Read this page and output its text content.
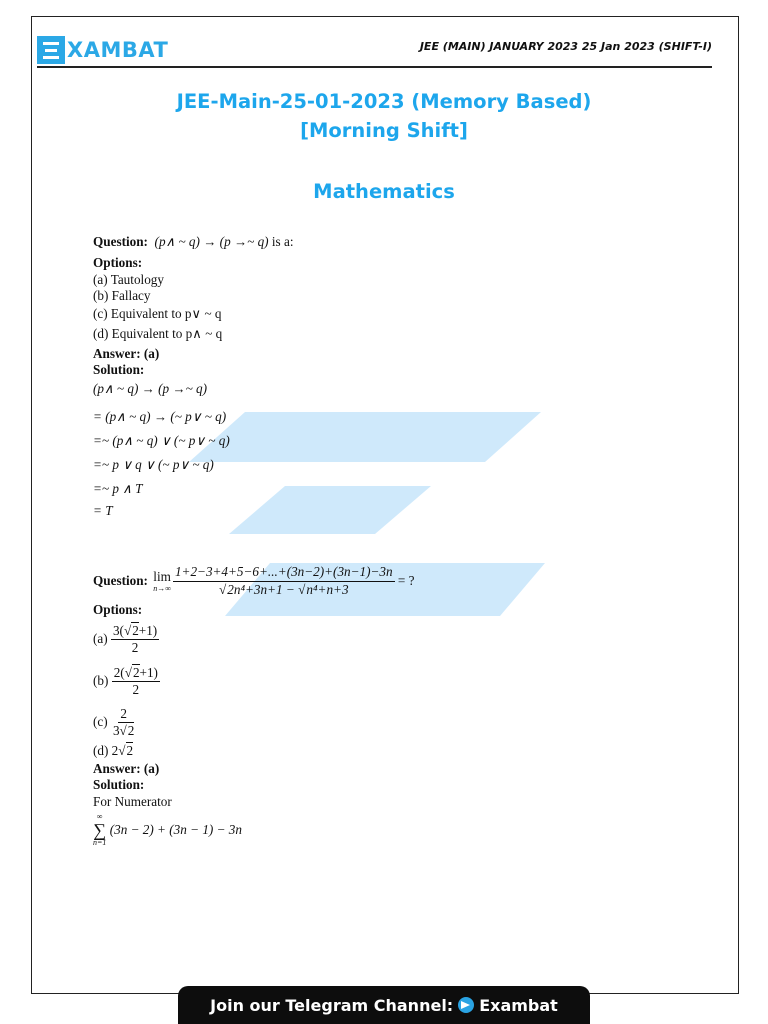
XAMBAT	JEE (MAIN) JANUARY 2023 25 Jan 2023 (SHIFT-I)
JEE-Main-25-01-2023 (Memory Based)
[Morning Shift]
Mathematics
Question: (p∧ ~ q) → (p →~ q) is a:
Options:
(a) Tautology
(b) Fallacy
(c) Equivalent to p∨ ~ q
(d) Equivalent to p∧ ~ q
Answer: (a)
Solution:
(p∧ ~ q) → (p →~ q)
= (p∧ ~ q) → (~ p∨ ~ q)
=~ (p∧ ~ q) ∨ (~ p∨ ~ q)
=~ p ∨ q ∨ (~ p∨ ~ q)
=~ p ∧ T
= T
Question:
lim
$n\to\infty \frac{1+2-3+4+5-6+...+(3n-2)+(3n-1)-3n}{\text{√2n⁴+3n+1 − √n⁴+n+3}}$
= ?
Options:
(a)
$\frac{3(√2+1)}{2}$
(b)
$\frac{2(√2+1)}{2}$
(c)
$\frac{2}{3√2}$
(d) 2√2
Answer: (a)
Solution:
For Numerator
∞
∑
n=1

(3n − 2) + (3n − 1) − 3n
Join our Telegram Channel: Exambat
